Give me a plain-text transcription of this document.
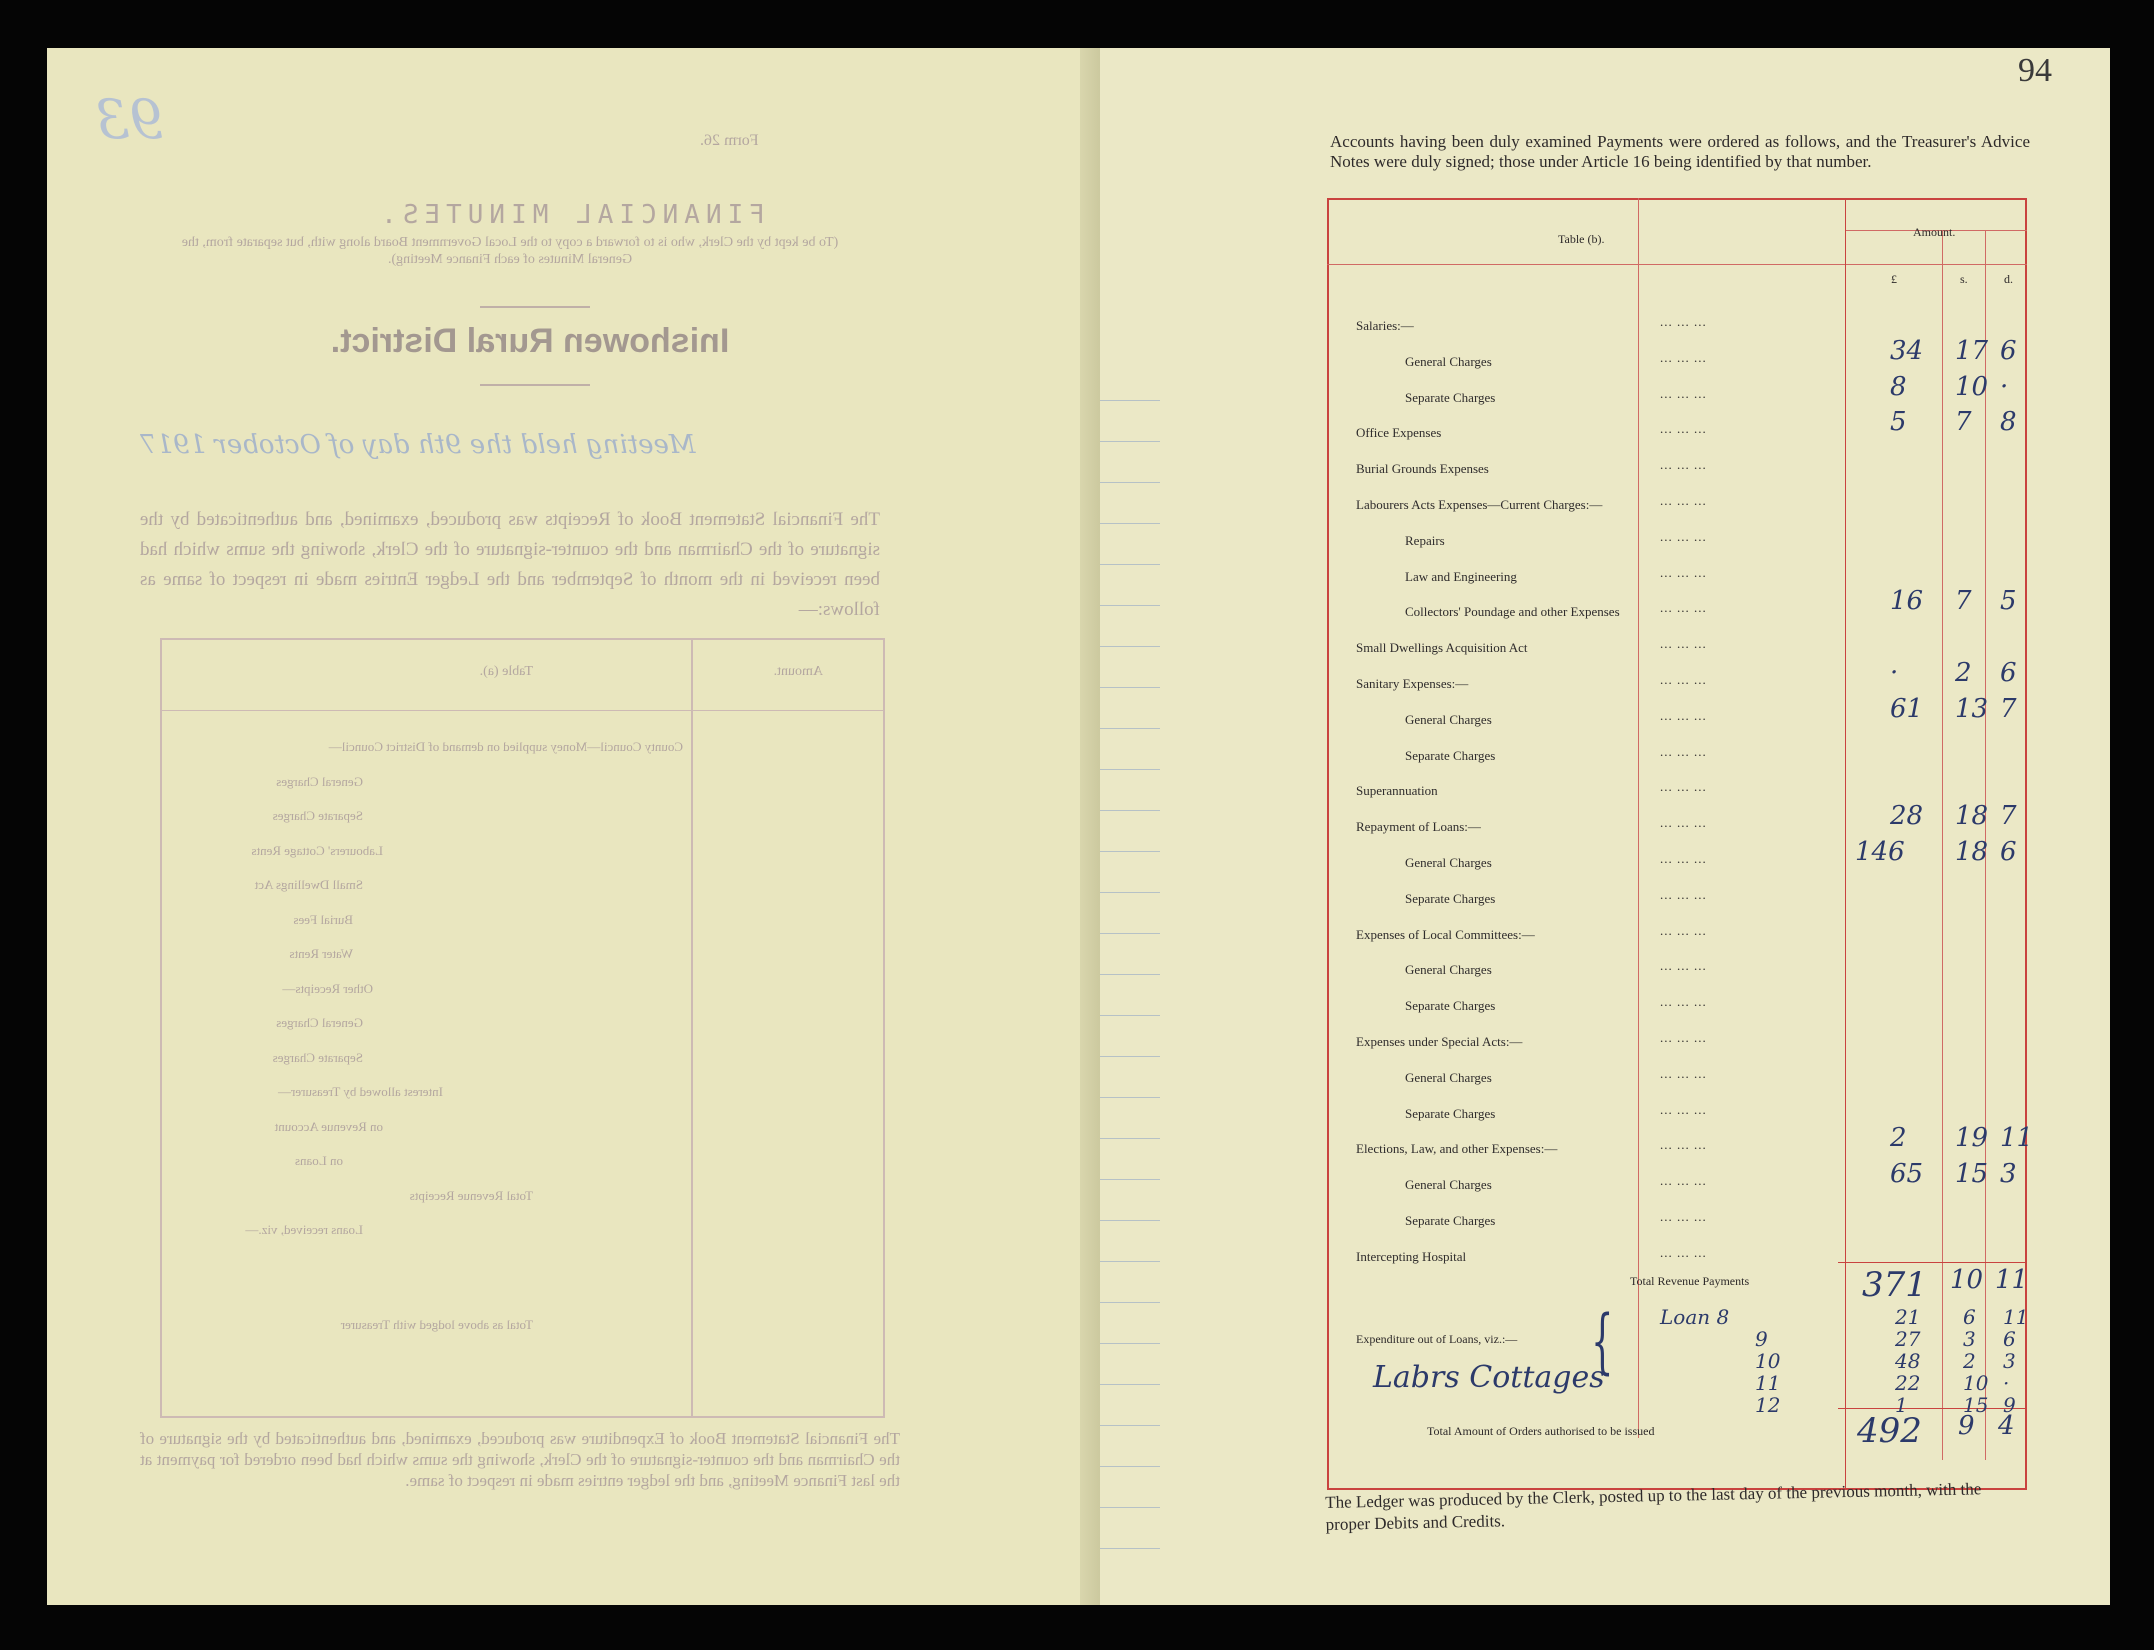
93	Form 26.
FINANCIAL MINUTES.
(To be kept by the Clerk, who is to forward a copy to the Local Government Board along with, but separate from, the General Minutes of each Finance Meeting).
Inishowen Rural District.
Meeting held the 9th day of October 1917
The Financial Statement Book of Receipts was produced, examined, and authenticated by the signature of the Chairman and the counter-signature of the Clerk, showing the sums which had been received in the month of September and the Ledger Entries made in respect of same as follows:—
Table (a).	Amount.
County Council—Money supplied on demand of District Council—
General Charges
Separate Charges
Labourers' Cottage Rents
Small Dwellings Act
Burial Fees
Water Rents
Other Receipts—
General Charges
Separate Charges
Interest allowed by Treasurer—
on Revenue Account
on Loans
Total Revenue Receipts
Loans received, viz.—
Total as above lodged with Treasurer
The Financial Statement Book of Expenditure was produced, examined, and authenticated by the signature of the Chairman and the counter-signature of the Clerk, showing the sums which had been ordered for payment at the last Finance Meeting, and the ledger entries made in respect of same.
94
Accounts having been duly examined Payments were ordered as follows, and the Treasurer's Advice Notes were duly signed; those under Article 16 being identified by that number.
Table (b).	Amount.
£	s.	d.
Salaries:—	... ... ...
General Charges	... ... ...	34 17 6
Separate Charges	... ... ...	8 10 ·
Office Expenses	... ... ...	5 7 8
Burial Grounds Expenses	... ... ...
Labourers Acts Expenses—Current Charges:—	... ... ...
Repairs	... ... ...
Law and Engineering	... ... ...
Collectors' Poundage and other Expenses	... ... ...	16 7 5
Small Dwellings Acquisition Act	... ... ...
Sanitary Expenses:—	... ... ...	· 2 6
General Charges	... ... ...	61 13 7
Separate Charges	... ... ...
Superannuation	... ... ...
Repayment of Loans:—	... ... ...	28 18 7
General Charges	... ... ...	146 18 6
Separate Charges	... ... ...
Expenses of Local Committees:—	... ... ...
General Charges	... ... ...
Separate Charges	... ... ...
Expenses under Special Acts:—	... ... ...
General Charges	... ... ...
Separate Charges	... ... ...
Elections, Law, and other Expenses:—	... ... ...	2 19 11
General Charges	... ... ...	65 15 3
Separate Charges	... ... ...
Intercepting Hospital	... ... ...
Total Revenue Payments	371 10 11
Expenditure out of Loans, viz.:—
Labrs Cottages
{ Loan 8	21 6 11
9	27 3 6
10	48 2 3
11	22 10 ·
12	1	15 9
Total Amount of Orders authorised to be issued	492 9 4
The Ledger was produced by the Clerk, posted up to the last day of the previous month, with the proper Debits and Credits.
